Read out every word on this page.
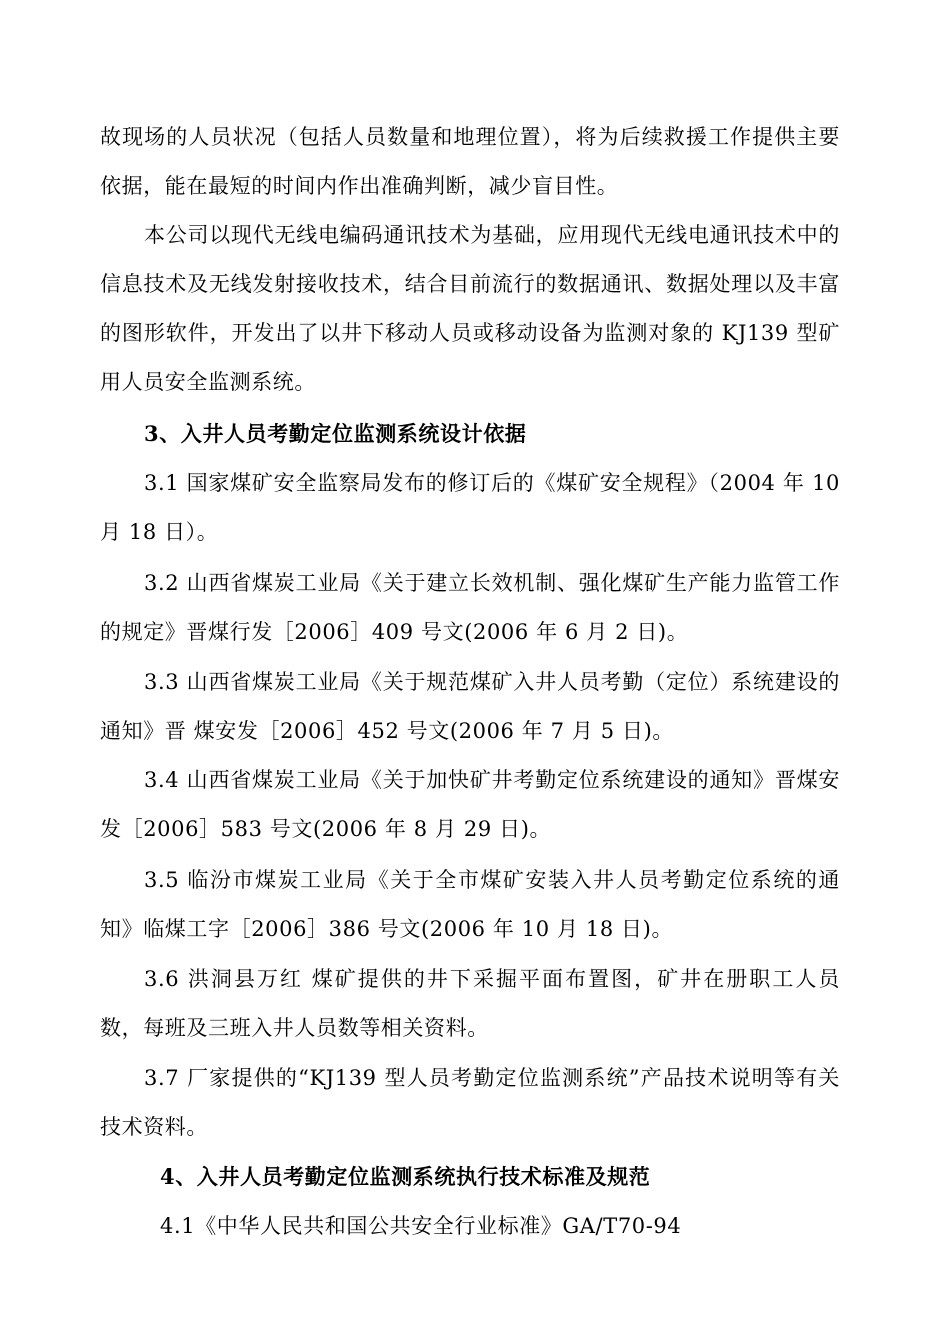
故现场的人员状况（包括人员数量和地理位置），将为后续救援工作提供主要依据，能在最短的时间内作出准确判断，减少盲目性。

本公司以现代无线电编码通讯技术为基础，应用现代无线电通讯技术中的信息技术及无线发射接收技术，结合目前流行的数据通讯、数据处理以及丰富的图形软件，开发出了以井下移动人员或移动设备为监测对象的 KJ139 型矿用人员安全监测系统。

3、入井人员考勤定位监测系统设计依据

3.1 国家煤矿安全监察局发布的修订后的《煤矿安全规程》（2004 年 10 月 18 日）。

3.2 山西省煤炭工业局《关于建立长效机制、强化煤矿生产能力监管工作的规定》晋煤行发［2006］409 号文(2006 年 6 月 2 日)。

3.3 山西省煤炭工业局《关于规范煤矿入井人员考勤（定位）系统建设的通知》晋 煤安发［2006］452 号文(2006 年 7 月 5 日)。

3.4 山西省煤炭工业局《关于加快矿井考勤定位系统建设的通知》晋煤安发［2006］583 号文(2006 年 8 月 29 日)。

3.5 临汾市煤炭工业局《关于全市煤矿安装入井人员考勤定位系统的通知》临煤工字［2006］386 号文(2006 年 10 月 18 日)。

3.6 洪洞县万红 煤矿提供的井下采掘平面布置图，矿井在册职工人员数，每班及三班入井人员数等相关资料。

3.7 厂家提供的“KJ139 型人员考勤定位监测系统”产品技术说明等有关技术资料。

4、入井人员考勤定位监测系统执行技术标准及规范

4.1《中华人民共和国公共安全行业标准》GA/T70-94
